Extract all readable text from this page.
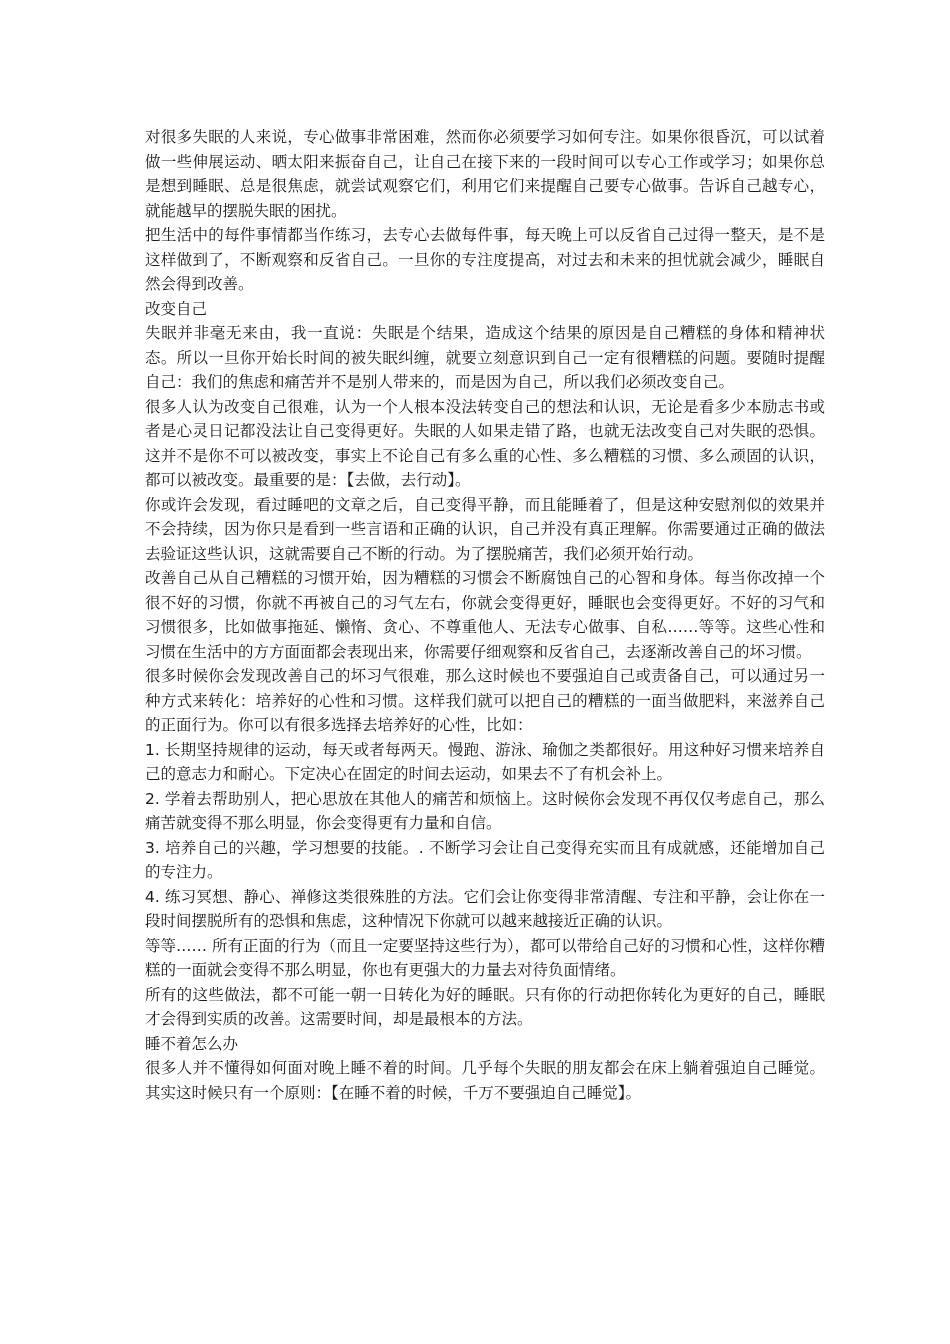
对很多失眠的人来说，专心做事非常困难，然而你必须要学习如何专注。如果你很昏沉，可以试着做一些伸展运动、晒太阳来振奋自己，让自己在接下来的一段时间可以专心工作或学习；如果你总是想到睡眠、总是很焦虑，就尝试观察它们，利用它们来提醒自己要专心做事。告诉自己越专心，就能越早的摆脱失眠的困扰。

把生活中的每件事情都当作练习，去专心去做每件事，每天晚上可以反省自己过得一整天，是不是这样做到了，不断观察和反省自己。一旦你的专注度提高，对过去和未来的担忧就会减少，睡眠自然会得到改善。

改变自己

失眠并非毫无来由，我一直说：失眠是个结果，造成这个结果的原因是自己糟糕的身体和精神状态。所以一旦你开始长时间的被失眠纠缠，就要立刻意识到自己一定有很糟糕的问题。要随时提醒自己：我们的焦虑和痛苦并不是别人带来的，而是因为自己，所以我们必须改变自己。

很多人认为改变自己很难，认为一个人根本没法转变自己的想法和认识，无论是看多少本励志书或者是心灵日记都没法让自己变得更好。失眠的人如果走错了路，也就无法改变自己对失眠的恐惧。这并不是你不可以被改变，事实上不论自己有多么重的心性、多么糟糕的习惯、多么顽固的认识，都可以被改变。最重要的是：【去做，去行动】。

你或许会发现，看过睡吧的文章之后，自己变得平静，而且能睡着了，但是这种安慰剂似的效果并不会持续，因为你只是看到一些言语和正确的认识，自己并没有真正理解。你需要通过正确的做法去验证这些认识，这就需要自己不断的行动。为了摆脱痛苦，我们必须开始行动。

改善自己从自己糟糕的习惯开始，因为糟糕的习惯会不断腐蚀自己的心智和身体。每当你改掉一个很不好的习惯，你就不再被自己的习气左右，你就会变得更好，睡眠也会变得更好。不好的习气和习惯很多，比如做事拖延、懒惰、贪心、不尊重他人、无法专心做事、自私……等等。这些心性和习惯在生活中的方方面面都会表现出来，你需要仔细观察和反省自己，去逐渐改善自己的坏习惯。

很多时候你会发现改善自己的坏习气很难，那么这时候也不要强迫自己或责备自己，可以通过另一种方式来转化：培养好的心性和习惯。这样我们就可以把自己的糟糕的一面当做肥料，来滋养自己的正面行为。你可以有很多选择去培养好的心性，比如：

1. 长期坚持规律的运动，每天或者每两天。慢跑、游泳、瑜伽之类都很好。用这种好习惯来培养自己的意志力和耐心。下定决心在固定的时间去运动，如果去不了有机会补上。

2. 学着去帮助别人，把心思放在其他人的痛苦和烦恼上。这时候你会发现不再仅仅考虑自己，那么痛苦就变得不那么明显，你会变得更有力量和自信。

3. 培养自己的兴趣，学习想要的技能。. 不断学习会让自己变得充实而且有成就感，还能增加自己的专注力。

4. 练习冥想、静心、禅修这类很殊胜的方法。它们会让你变得非常清醒、专注和平静，会让你在一段时间摆脱所有的恐惧和焦虑，这种情况下你就可以越来越接近正确的认识。

等等…… 所有正面的行为（而且一定要坚持这些行为），都可以带给自己好的习惯和心性，这样你糟糕的一面就会变得不那么明显，你也有更强大的力量去对待负面情绪。

所有的这些做法，都不可能一朝一日转化为好的睡眠。只有你的行动把你转化为更好的自己，睡眠才会得到实质的改善。这需要时间，却是最根本的方法。

睡不着怎么办

很多人并不懂得如何面对晚上睡不着的时间。几乎每个失眠的朋友都会在床上躺着强迫自己睡觉。其实这时候只有一个原则：【在睡不着的时候，千万不要强迫自己睡觉】。
